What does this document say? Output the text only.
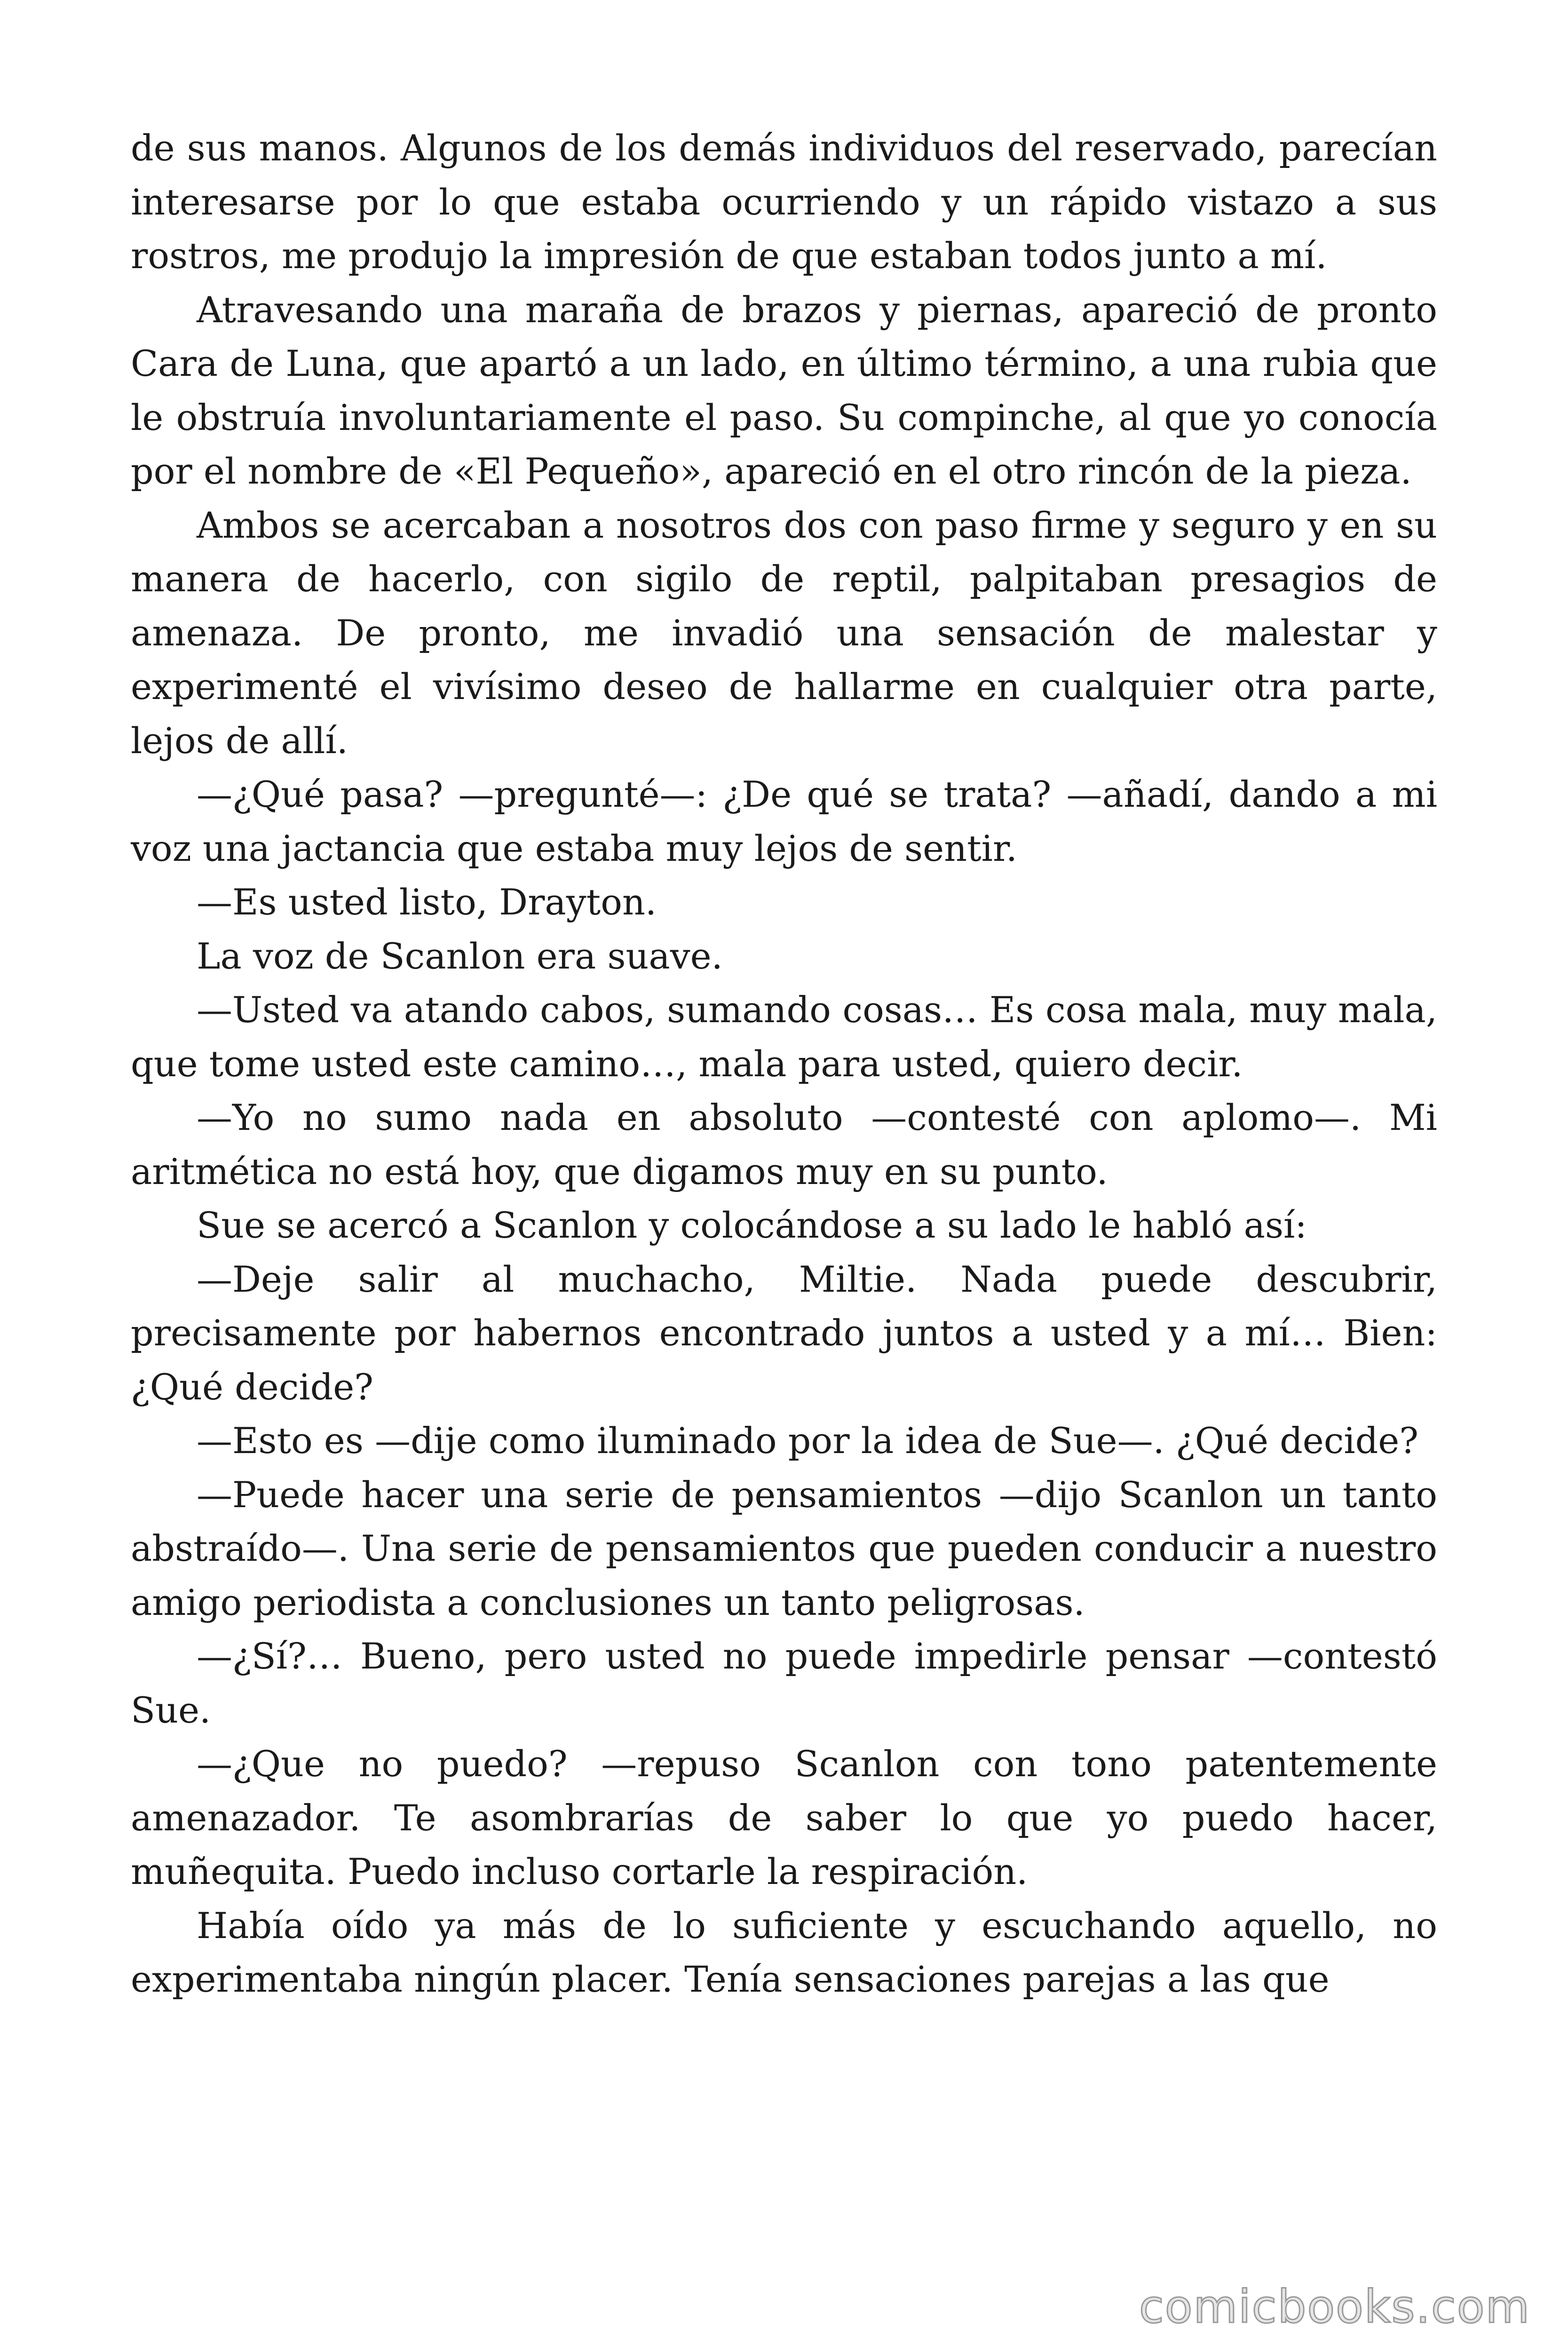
de sus manos. Algunos de los demás individuos del reservado, parecían interesarse por lo que estaba ocurriendo y un rápido vistazo a sus rostros, me produjo la impresión de que estaban todos junto a mí.

Atravesando una maraña de brazos y piernas, apareció de pronto Cara de Luna, que apartó a un lado, en último término, a una rubia que le obstruía involuntariamente el paso. Su compinche, al que yo conocía por el nombre de «El Pequeño», apareció en el otro rincón de la pieza.

Ambos se acercaban a nosotros dos con paso firme y seguro y en su manera de hacerlo, con sigilo de reptil, palpitaban presagios de amenaza. De pronto, me invadió una sensación de malestar y experimenté el vivísimo deseo de hallarme en cualquier otra parte, lejos de allí.

—¿Qué pasa? —pregunté—: ¿De qué se trata? —añadí, dando a mi voz una jactancia que estaba muy lejos de sentir.

—Es usted listo, Drayton.

La voz de Scanlon era suave.

—Usted va atando cabos, sumando cosas… Es cosa mala, muy mala, que tome usted este camino…, mala para usted, quiero decir.

—Yo no sumo nada en absoluto —contesté con aplomo—. Mi aritmética no está hoy, que digamos muy en su punto.

Sue se acercó a Scanlon y colocándose a su lado le habló así:

—Deje salir al muchacho, Miltie. Nada puede descubrir, precisamente por habernos encontrado juntos a usted y a mí… Bien: ¿Qué decide?

—Esto es —dije como iluminado por la idea de Sue—. ¿Qué decide?

—Puede hacer una serie de pensamientos —dijo Scanlon un tanto abstraído—. Una serie de pensamientos que pueden conducir a nuestro amigo periodista a conclusiones un tanto peligrosas.

—¿Sí?… Bueno, pero usted no puede impedirle pensar —contestó Sue.

—¿Que no puedo? —repuso Scanlon con tono patentemente amenazador. Te asombrarías de saber lo que yo puedo hacer, muñequita. Puedo incluso cortarle la respiración.

Había oído ya más de lo suficiente y escuchando aquello, no experimentaba ningún placer. Tenía sensaciones parejas a las que

comicbooks.com
